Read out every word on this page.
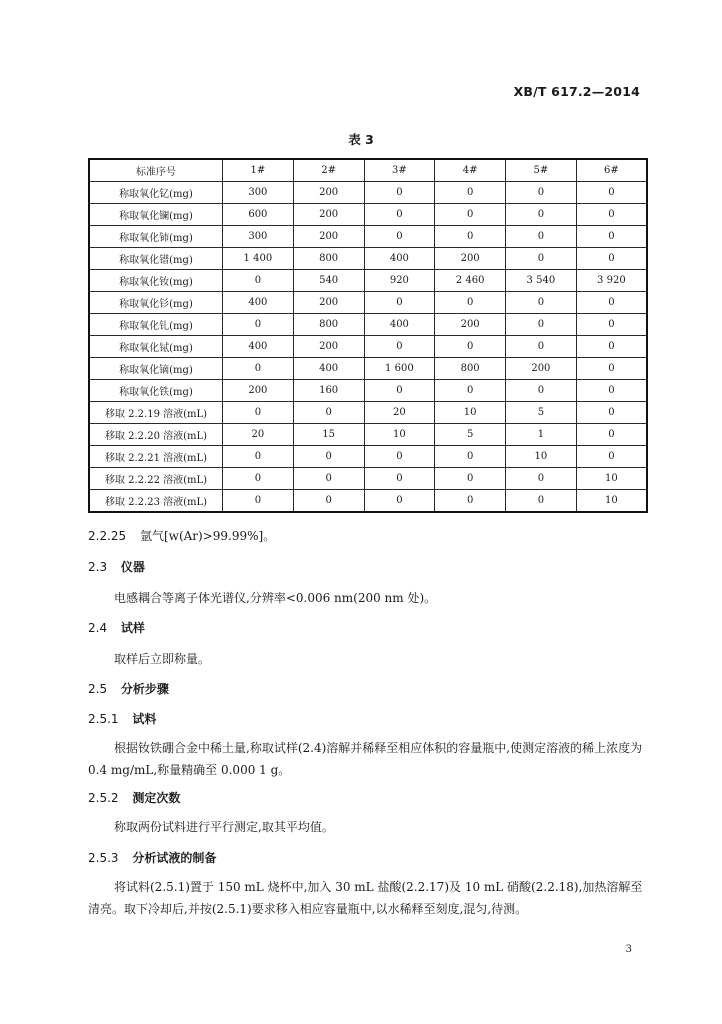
XB/T 617.2—2014
表 3
标准序号	1#	2#	3#	4#	5#	6#
称取氧化钇(mg)	300	200	0	0	0	0
称取氧化镧(mg)	600	200	0	0	0	0
称取氧化铈(mg)	300	200	0	0	0	0
称取氧化镨(mg)	1 400	800	400	200	0	0
称取氧化钕(mg)	0	540	920	2 460	3 540	3 920
称取氧化钐(mg)	400	200	0	0	0	0
称取氧化钆(mg)	0	800	400	200	0	0
称取氧化铽(mg)	400	200	0	0	0	0
称取氧化镝(mg)	0	400	1 600	800	200	0
称取氧化铁(mg)	200	160	0	0	0	0
移取 2.2.19 溶液(mL)	0	0	20	10	5	0
移取 2.2.20 溶液(mL)	20	15	10	5	1	0
移取 2.2.21 溶液(mL)	0	0	0	0	10	0
移取 2.2.22 溶液(mL)	0	0	0	0	0	10
移取 2.2.23 溶液(mL)	0	0	0	0	0	10
2.2.25 氩气[w(Ar)>99.99%]。
2.3 仪器
电感耦合等离子体光谱仪,分辨率<0.006 nm(200 nm 处)。
2.4 试样
取样后立即称量。
2.5 分析步骤
2.5.1 试料
根据钕铁硼合金中稀土量,称取试样(2.4)溶解并稀释至相应体积的容量瓶中,使测定溶液的稀上浓度为 0.4 mg/mL,称量精确至 0.000 1 g。
2.5.2 测定次数
称取两份试料进行平行测定,取其平均值。
2.5.3 分析试液的制备
将试料(2.5.1)置于 150 mL 烧杯中,加入 30 mL 盐酸(2.2.17)及 10 mL 硝酸(2.2.18),加热溶解至清亮。取下冷却后,并按(2.5.1)要求移入相应容量瓶中,以水稀释至刻度,混匀,待测。
3
